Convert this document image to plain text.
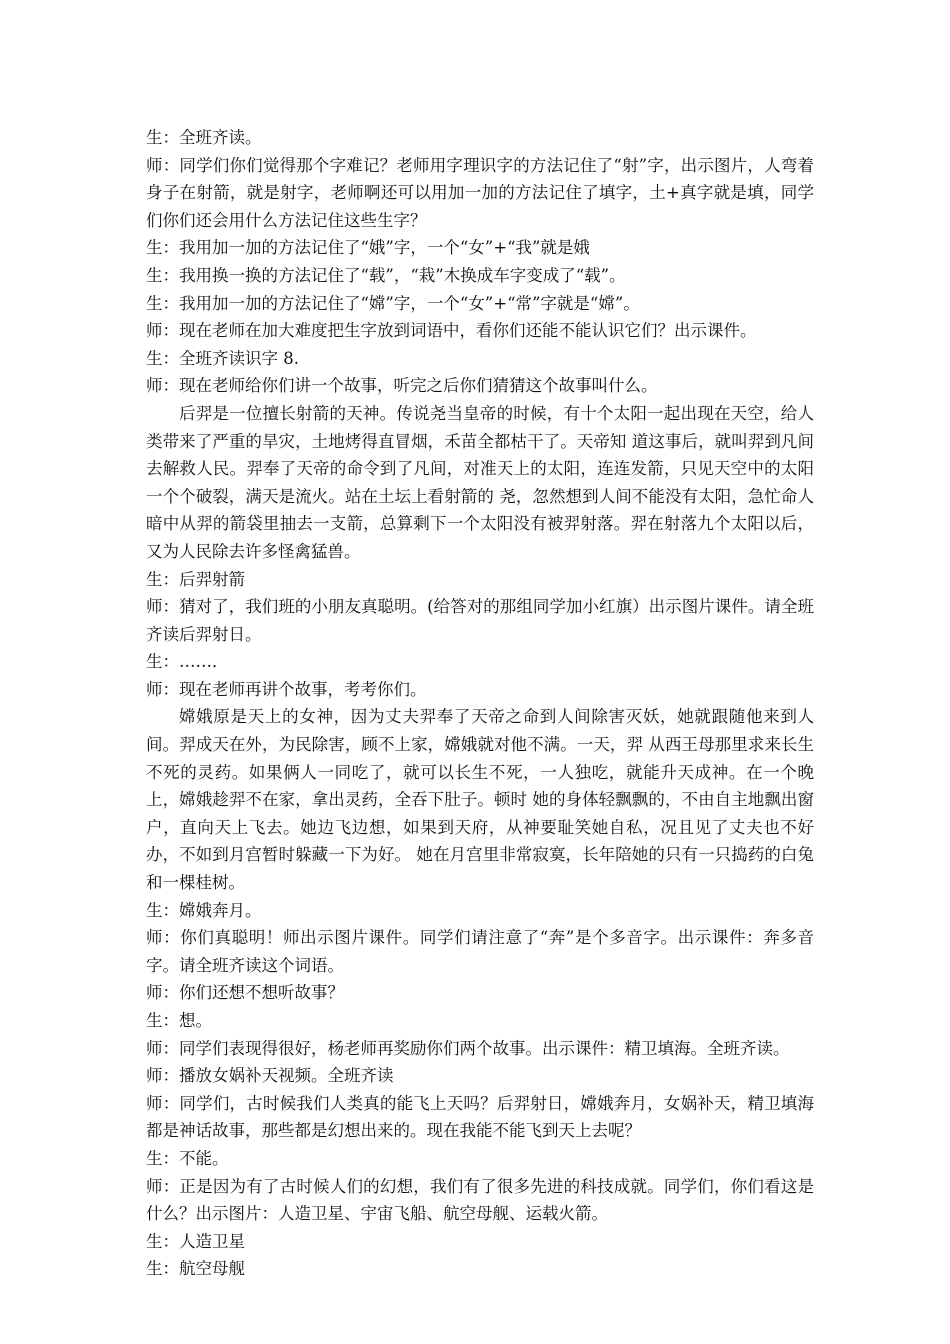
生：全班齐读。

师：同学们你们觉得那个字难记？老师用字理识字的方法记住了“射”字，出示图片，人弯着身子在射箭，就是射字，老师啊还可以用加一加的方法记住了填字，土+真字就是填，同学们你们还会用什么方法记住这些生字？

生：我用加一加的方法记住了“娥”字，一个“女”+“我”就是娥

生：我用换一换的方法记住了“载”，“栽”木换成车字变成了“载”。

生：我用加一加的方法记住了“嫦”字，一个“女”+“常”字就是“嫦”。

师：现在老师在加大难度把生字放到词语中，看你们还能不能认识它们？出示课件。

生：全班齐读识字 8.

师：现在老师给你们讲一个故事，听完之后你们猜猜这个故事叫什么。

后羿是一位擅长射箭的天神。传说尧当皇帝的时候，有十个太阳一起出现在天空，给人类带来了严重的旱灾，土地烤得直冒烟，禾苗全都枯干了。天帝知 道这事后，就叫羿到凡间去解救人民。羿奉了天帝的命令到了凡间，对准天上的太阳，连连发箭，只见天空中的太阳一个个破裂，满天是流火。站在土坛上看射箭的 尧，忽然想到人间不能没有太阳，急忙命人暗中从羿的箭袋里抽去一支箭，总算剩下一个太阳没有被羿射落。羿在射落九个太阳以后，又为人民除去许多怪禽猛兽。

生：后羿射箭

师：猜对了，我们班的小朋友真聪明。(给答对的那组同学加小红旗）出示图片课件。请全班齐读后羿射日。

生：……．

师：现在老师再讲个故事，考考你们。

嫦娥原是天上的女神，因为丈夫羿奉了天帝之命到人间除害灭妖，她就跟随他来到人间。羿成天在外，为民除害，顾不上家，嫦娥就对他不满。一天，羿 从西王母那里求来长生不死的灵药。如果俩人一同吃了，就可以长生不死，一人独吃，就能升天成神。在一个晚上，嫦娥趁羿不在家，拿出灵药，全吞下肚子。顿时 她的身体轻飘飘的，不由自主地飘出窗户，直向天上飞去。她边飞边想，如果到天府，从神要耻笑她自私，况且见了丈夫也不好办，不如到月宫暂时躲藏一下为好。 她在月宫里非常寂寞，长年陪她的只有一只捣药的白兔和一棵桂树。

生：嫦娥奔月。

师：你们真聪明！师出示图片课件。同学们请注意了“奔”是个多音字。出示课件：奔多音字。请全班齐读这个词语。

师：你们还想不想听故事？

生：想。

师：同学们表现得很好，杨老师再奖励你们两个故事。出示课件：精卫填海。全班齐读。

师：播放女娲补天视频。全班齐读

师：同学们，古时候我们人类真的能飞上天吗？后羿射日，嫦娥奔月，女娲补天，精卫填海都是神话故事，那些都是幻想出来的。现在我能不能飞到天上去呢？

生：不能。

师：正是因为有了古时候人们的幻想，我们有了很多先进的科技成就。同学们，你们看这是什么？出示图片：人造卫星、宇宙飞船、航空母舰、运载火箭。

生：人造卫星

生：航空母舰
